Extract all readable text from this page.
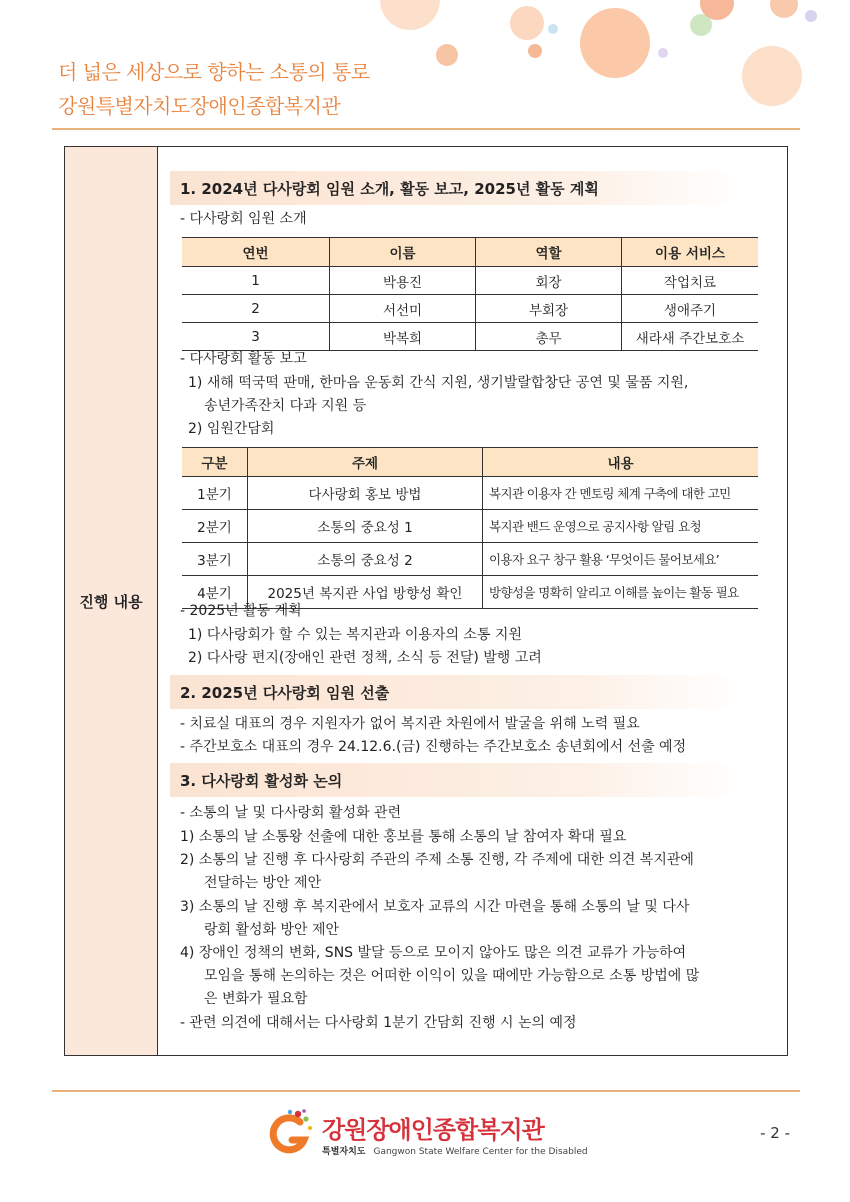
더 넓은 세상으로 향하는 소통의 통로
강원특별자치도장애인종합복지관
진행 내용
1. 2024년 다사랑회 임원 소개, 활동 보고, 2025년 활동 계획
- 다사랑회 임원 소개
연번	이름	역할	이용 서비스
1	박용진	회장	작업치료
2	서선미	부회장	생애주기
3	박복희	총무	새라새 주간보호소
- 다사랑회 활동 보고
1) 새해 떡국떡 판매, 한마음 운동회 간식 지원, 생기발랄합창단 공연 및 물품 지원,
송년가족잔치 다과 지원 등
2) 임원간담회
구분	주제	내용
1분기	다사랑회 홍보 방법	복지관 이용자 간 멘토링 체계 구축에 대한 고민
2분기	소통의 중요성 1	복지관 밴드 운영으로 공지사항 알림 요청
3분기	소통의 중요성 2	이용자 요구 창구 활용 ‘무엇이든 물어보세요’
4분기	2025년 복지관 사업 방향성 확인	방향성을 명확히 알리고 이해를 높이는 활동 필요
- 2025년 활동 계획
1) 다사랑회가 할 수 있는 복지관과 이용자의 소통 지원
2) 다사랑 편지(장애인 관련 정책, 소식 등 전달) 발행 고려
2. 2025년 다사랑회 임원 선출
- 치료실 대표의 경우 지원자가 없어 복지관 차원에서 발굴을 위해 노력 필요
- 주간보호소 대표의 경우 24.12.6.(금) 진행하는 주간보호소 송년회에서 선출 예정
3. 다사랑회 활성화 논의
- 소통의 날 및 다사랑회 활성화 관련
1) 소통의 날 소통왕 선출에 대한 홍보를 통해 소통의 날 참여자 확대 필요
2) 소통의 날 진행 후 다사랑회 주관의 주제 소통 진행, 각 주제에 대한 의견 복지관에
전달하는 방안 제안
3) 소통의 날 진행 후 복지관에서 보호자 교류의 시간 마련을 통해 소통의 날 및 다사
랑회 활성화 방안 제안
4) 장애인 정책의 변화, SNS 발달 등으로 모이지 않아도 많은 의견 교류가 가능하여
모임을 통해 논의하는 것은 어떠한 이익이 있을 때에만 가능함으로 소통 방법에 많
은 변화가 필요함
- 관련 의견에 대해서는 다사랑회 1분기 간담회 진행 시 논의 예정
강원장애인종합복지관
특별자치도 Gangwon State Welfare Center for the Disabled
- 2 -
